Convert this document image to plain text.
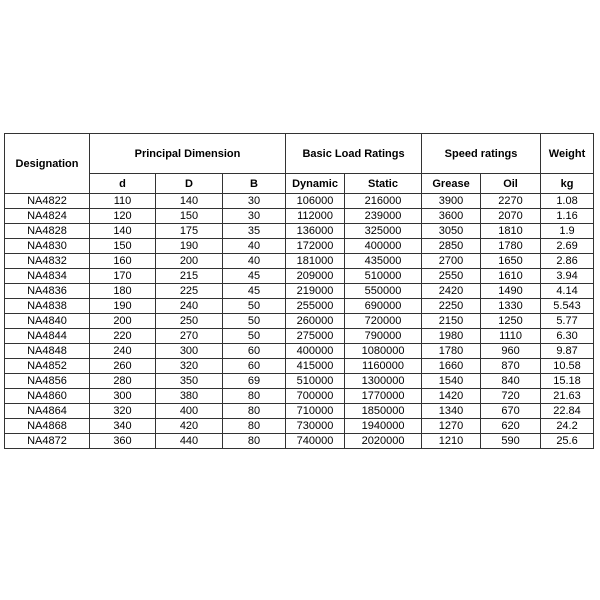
Designation	Principal Dimension			Basic Load Ratings		Speed ratings		Weight
	d	D	B	Dynamic	Static	Grease	Oil	kg
NA4822	110	140	30	106000	216000	3900	2270	1.08
NA4824	120	150	30	112000	239000	3600	2070	1.16
NA4828	140	175	35	136000	325000	3050	1810	1.9
NA4830	150	190	40	172000	400000	2850	1780	2.69
NA4832	160	200	40	181000	435000	2700	1650	2.86
NA4834	170	215	45	209000	510000	2550	1610	3.94
NA4836	180	225	45	219000	550000	2420	1490	4.14
NA4838	190	240	50	255000	690000	2250	1330	5.543
NA4840	200	250	50	260000	720000	2150	1250	5.77
NA4844	220	270	50	275000	790000	1980	1110	6.30
NA4848	240	300	60	400000	1080000	1780	960	9.87
NA4852	260	320	60	415000	1160000	1660	870	10.58
NA4856	280	350	69	510000	1300000	1540	840	15.18
NA4860	300	380	80	700000	1770000	1420	720	21.63
NA4864	320	400	80	710000	1850000	1340	670	22.84
NA4868	340	420	80	730000	1940000	1270	620	24.2
NA4872	360	440	80	740000	2020000	1210	590	25.6
